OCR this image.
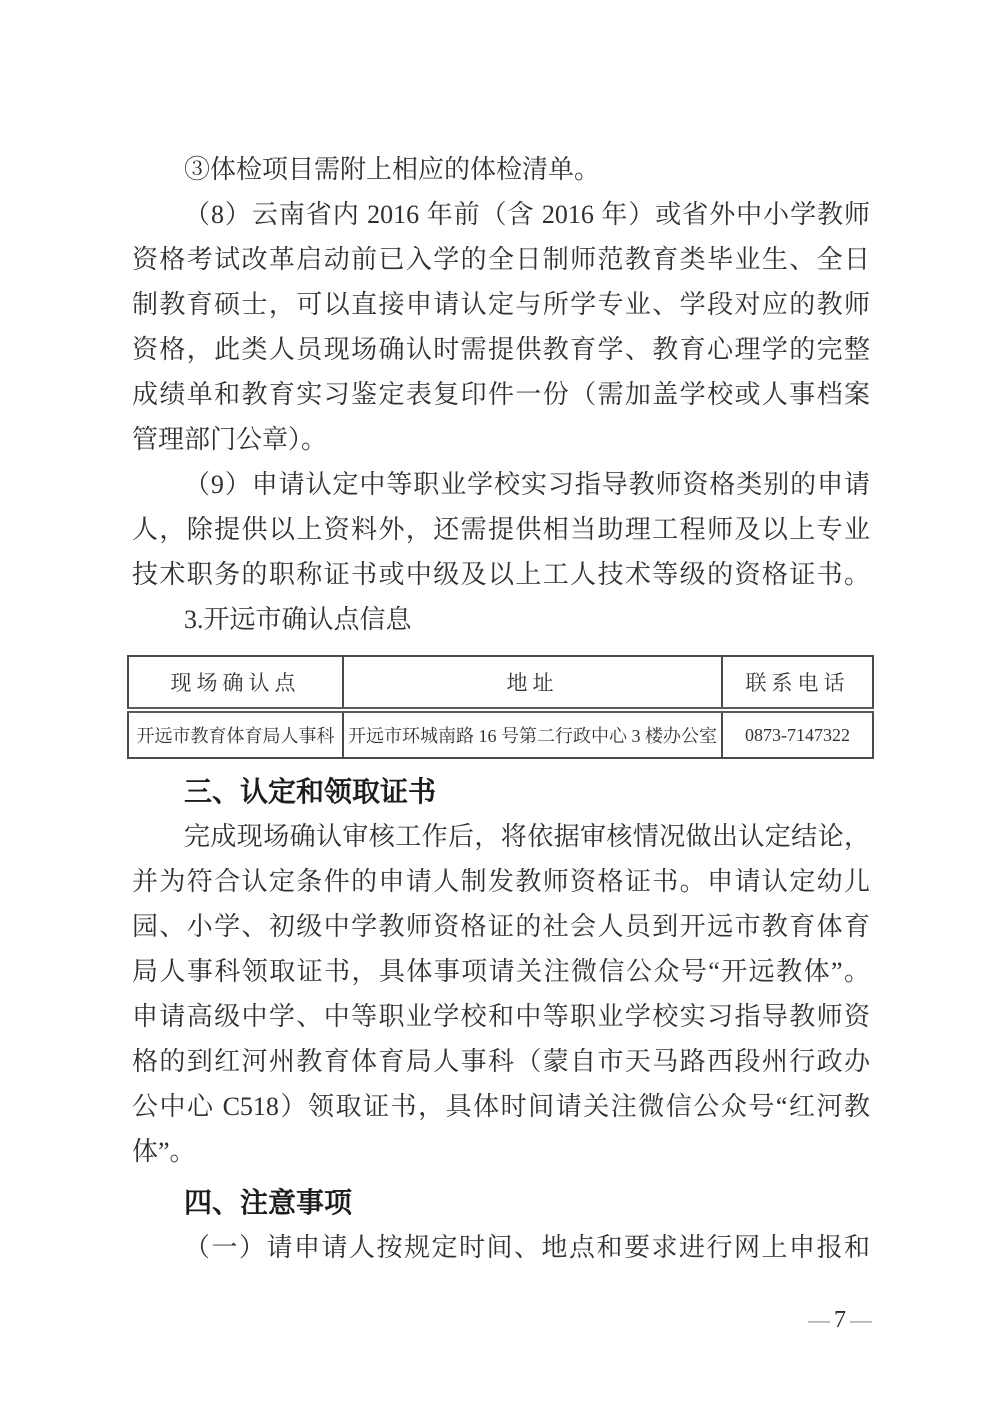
③体检项目需附上相应的体检清单。
（8）云南省内 2016 年前（含 2016 年）或省外中小学教师
资格考试改革启动前已入学的全日制师范教育类毕业生、全日
制教育硕士，可以直接申请认定与所学专业、学段对应的教师
资格，此类人员现场确认时需提供教育学、教育心理学的完整
成绩单和教育实习鉴定表复印件一份（需加盖学校或人事档案
管理部门公章）。
（9）申请认定中等职业学校实习指导教师资格类别的申请
人，除提供以上资料外，还需提供相当助理工程师及以上专业
技术职务的职称证书或中级及以上工人技术等级的资格证书。
3.开远市确认点信息
现场确认点	地址	联系电话
开远市教育体育局人事科	开远市环城南路 16 号第二行政中心 3 楼办公室	0873-7147322
三、认定和领取证书
完成现场确认审核工作后，将依据审核情况做出认定结论，
并为符合认定条件的申请人制发教师资格证书。申请认定幼儿
园、小学、初级中学教师资格证的社会人员到开远市教育体育
局人事科领取证书，具体事项请关注微信公众号“开远教体”。
申请高级中学、中等职业学校和中等职业学校实习指导教师资
格的到红河州教育体育局人事科（蒙自市天马路西段州行政办
公中心 C518）领取证书，具体时间请关注微信公众号“红河教
体”。
四、注意事项
（一）请申请人按规定时间、地点和要求进行网上申报和
— 7 —
